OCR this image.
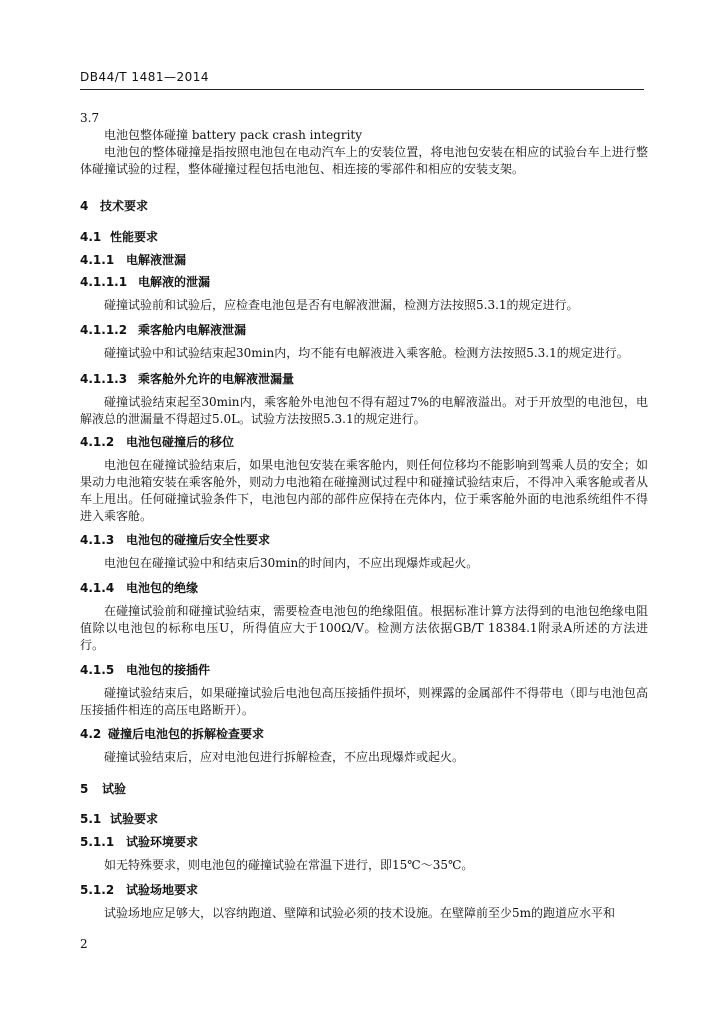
DB44/T 1481—2014
3.7
电池包整体碰撞 battery pack crash integrity
电池包的整体碰撞是指按照电池包在电动汽车上的安装位置，将电池包安装在相应的试验台车上进行整体碰撞试验的过程，整体碰撞过程包括电池包、相连接的零部件和相应的安装支架。
4 技术要求
4.1 性能要求
4.1.1 电解液泄漏
4.1.1.1 电解液的泄漏
碰撞试验前和试验后，应检查电池包是否有电解液泄漏，检测方法按照5.3.1的规定进行。
4.1.1.2 乘客舱内电解液泄漏
碰撞试验中和试验结束起30min内，均不能有电解液进入乘客舱。检测方法按照5.3.1的规定进行。
4.1.1.3 乘客舱外允许的电解液泄漏量
碰撞试验结束起至30min内，乘客舱外电池包不得有超过7%的电解液溢出。对于开放型的电池包，电解液总的泄漏量不得超过5.0L。试验方法按照5.3.1的规定进行。
4.1.2 电池包碰撞后的移位
电池包在碰撞试验结束后，如果电池包安装在乘客舱内，则任何位移均不能影响到驾乘人员的安全；如果动力电池箱安装在乘客舱外，则动力电池箱在碰撞测试过程中和碰撞试验结束后，不得冲入乘客舱或者从车上甩出。任何碰撞试验条件下，电池包内部的部件应保持在壳体内，位于乘客舱外面的电池系统组件不得进入乘客舱。
4.1.3 电池包的碰撞后安全性要求
电池包在碰撞试验中和结束后30min的时间内，不应出现爆炸或起火。
4.1.4 电池包的绝缘
在碰撞试验前和碰撞试验结束，需要检查电池包的绝缘阻值。根据标准计算方法得到的电池包绝缘电阻值除以电池包的标称电压U，所得值应大于100Ω/V。检测方法依据GB/T 18384.1附录A所述的方法进行。
4.1.5 电池包的接插件
碰撞试验结束后，如果碰撞试验后电池包高压接插件损坏，则裸露的金属部件不得带电（即与电池包高压接插件相连的高压电路断开）。
4.2 碰撞后电池包的拆解检查要求
碰撞试验结束后，应对电池包进行拆解检查，不应出现爆炸或起火。
5 试验
5.1 试验要求
5.1.1 试验环境要求
如无特殊要求，则电池包的碰撞试验在常温下进行，即15℃～35℃。
5.1.2 试验场地要求
试验场地应足够大，以容纳跑道、壁障和试验必须的技术设施。在壁障前至少5m的跑道应水平和
2
